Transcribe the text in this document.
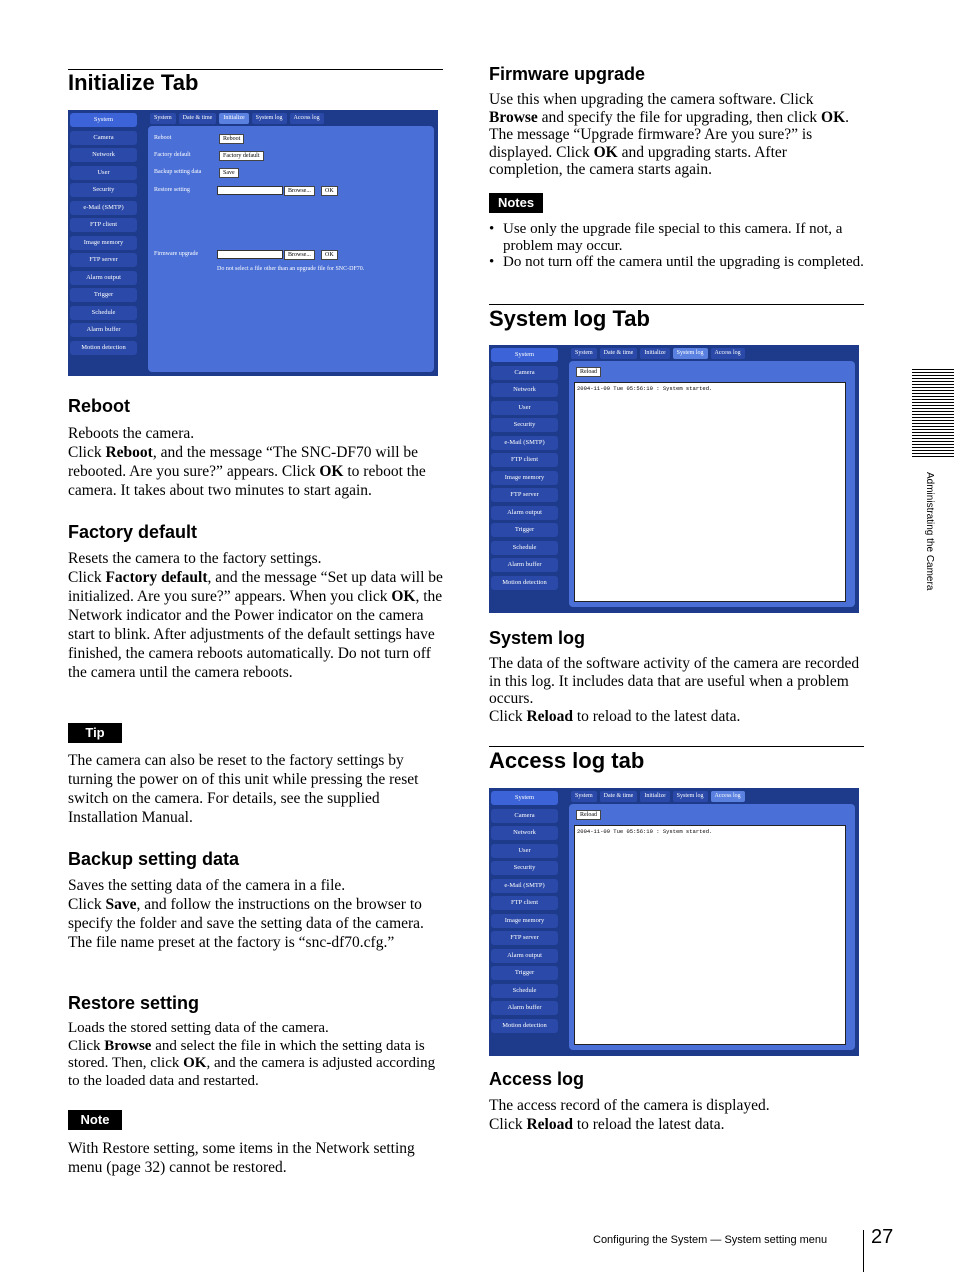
Initialize Tab
System
Camera
Network
User
Security
e-Mail (SMTP)
FTP client
Image memory
FTP server
Alarm output
Trigger
Schedule
Alarm buffer
Motion detection
System	Date & time	Initialize	System log	Access log
Reboot	Reboot
Factory default	Factory default
Backup setting data	Save
Restore setting	Browse...	OK
Firmware upgrade	Browse...	OK
Do not select a file other than an upgrade file for SNC-DF70.
Reboot
Reboots the camera.
Click Reboot, and the message “The SNC-DF70 will be rebooted. Are you sure?” appears. Click OK to reboot the camera. It takes about two minutes to start again.
Factory default
Resets the camera to the factory settings.
Click Factory default, and the message “Set up data will be initialized. Are you sure?” appears. When you click OK, the Network indicator and the Power indicator on the camera start to blink. After adjustments of the default settings have finished, the camera reboots automatically. Do not turn off the camera until the camera reboots.
Tip
The camera can also be reset to the factory settings by turning the power on of this unit while pressing the reset switch on the camera. For details, see the supplied Installation Manual.
Backup setting data
Saves the setting data of the camera in a file.
Click Save, and follow the instructions on the browser to specify the folder and save the setting data of the camera. The file name preset at the factory is “snc-df70.cfg.”
Restore setting
Loads the stored setting data of the camera.
Click Browse and select the file in which the setting data is stored. Then, click OK, and the camera is adjusted according to the loaded data and restarted.
Note
With Restore setting, some items in the Network setting menu (page 32) cannot be restored.
Firmware upgrade
Use this when upgrading the camera software. Click Browse and specify the file for upgrading, then click OK. The message “Upgrade firmware? Are you sure?” is displayed. Click OK and upgrading starts. After completion, the camera starts again.
Notes
• Use only the upgrade file special to this camera. If not, a problem may occur.
• Do not turn off the camera until the upgrading is completed.
System log Tab
System
Camera
Network
User
Security
e-Mail (SMTP)
FTP client
Image memory
FTP server
Alarm output
Trigger
Schedule
Alarm buffer
Motion detection
System	Date & time	Initialize	System log	Access log
Reload
2004-11-09 Tue 05:56:10 : System started.
System log
The data of the software activity of the camera are recorded in this log. It includes data that are useful when a problem occurs.
Click Reload to reload to the latest data.
Access log tab
System
Camera
Network
User
Security
e-Mail (SMTP)
FTP client
Image memory
FTP server
Alarm output
Trigger
Schedule
Alarm buffer
Motion detection
System	Date & time	Initialize	System log	Access log
Reload
2004-11-09 Tue 05:56:10 : System started.
Access log
The access record of the camera is displayed.
Click Reload to reload the latest data.
Administrating the Camera
Configuring the System — System setting menu 27
